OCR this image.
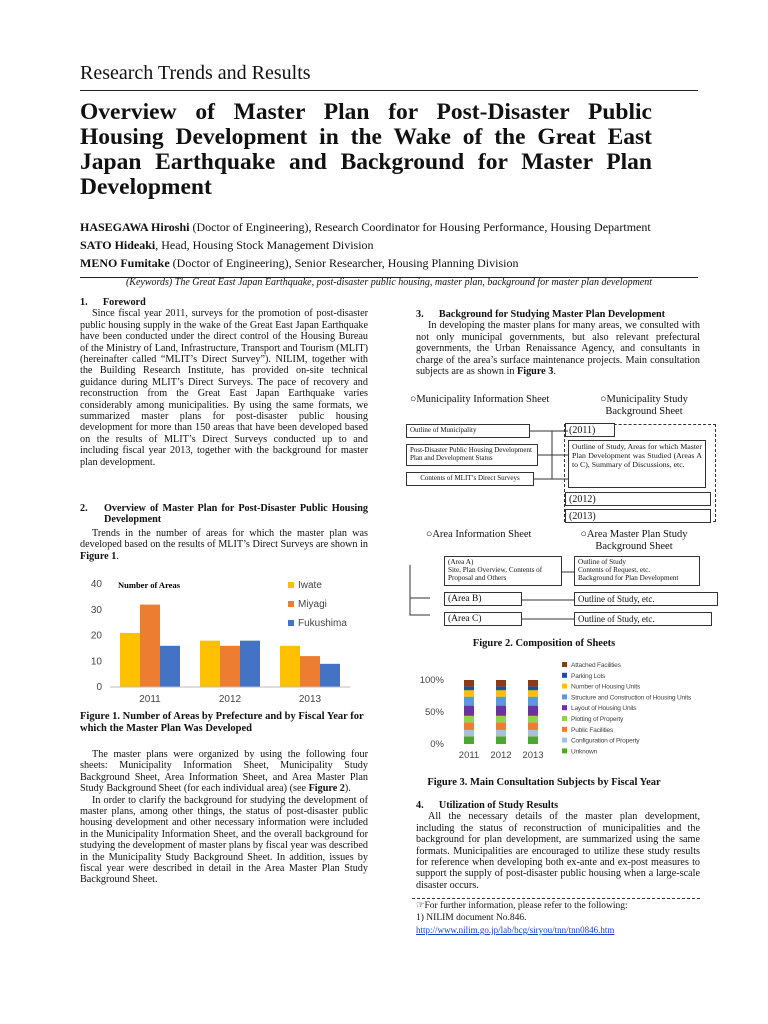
Research Trends and Results
Overview of Master Plan for Post-Disaster Public Housing Development in the Wake of the Great East Japan Earthquake and Background for Master Plan Development
HASEGAWA Hiroshi (Doctor of Engineering), Research Coordinator for Housing Performance, Housing Department
SATO Hideaki, Head, Housing Stock Management Division
MENO Fumitake (Doctor of Engineering), Senior Researcher, Housing Planning Division
(Keywords) The Great East Japan Earthquake, post-disaster public housing, master plan, background for master plan development
1.      Foreword

Since fiscal year 2011, surveys for the promotion of post-disaster public housing supply in the wake of the Great East Japan Earthquake have been conducted under the direct control of the Housing Bureau of the Ministry of Land, Infrastructure, Transport and Tourism (MLIT) (hereinafter called “MLIT’s Direct Survey”). NILIM, together with the Building Research Institute, has provided on-site technical guidance during MLIT’s Direct Surveys. The pace of recovery and reconstruction from the Great East Japan Earthquake varies considerably among municipalities. By using the same formats, we summarized master plans for post-disaster public housing development for more than 150 areas that have been developed based on the results of MLIT’s Direct Surveys conducted up to and including fiscal year 2013, together with the background for master plan development.

2.	Overview of Master Plan for Post-Disaster Public Housing Development

Trends in the number of areas for which the master plan was developed based on the results of MLIT’s Direct Surveys are shown in Figure 1.

0
10
20
30
40
2011	2012	2013
Iwate
Miyagi
Fukushima
Number of Areas
Figure 1. Number of Areas by Prefecture and by Fiscal Year for which the Master Plan Was Developed

The master plans were organized by using the following four sheets: Municipality Information Sheet, Municipality Study Background Sheet, Area Information Sheet, and Area Master Plan Study Background Sheet (for each individual area) (see Figure 2).

In order to clarify the background for studying the development of master plans, among other things, the status of post-disaster public housing development and other necessary information were included in the Municipality Information Sheet, and the overall background for studying the development of master plans by fiscal year was described in the Municipality Study Background Sheet. In addition, issues by fiscal year were described in detail in the Area Master Plan Study Background Sheet.

3.      Background for Studying Master Plan Development

In developing the master plans for many areas, we consulted with not only municipal governments, but also relevant prefectural governments, the Urban Renaissance Agency, and consultants in charge of the area’s surface maintenance projects. Main consultation subjects are as shown in Figure 3.

○Municipality Information Sheet	○Municipality Study Background Sheet
Outline of Municipality
Post-Disaster Public Housing Development Plan and Development Status
Contents of MLIT’s Direct Surveys
(2011)
Outline of Study, Areas for which Master Plan Development was Studied (Areas A to C), Summary of Discussions, etc.
(2012)
(2013)
○Area Information Sheet	○Area Master Plan Study Background Sheet
(Area A)
Site, Plan Overview, Contents of Proposal and Others
Outline of Study
Contents of Request, etc.
Background for Plan Development
(Area B)	Outline of Study, etc.
(Area C)	Outline of Study, etc.
Figure 2. Composition of Sheets
0%
50%
100%
2011 2012 2013
Attached Facilities
Parking Lots
Number of Housing Units
Structure and Construction of Housing Units
Layout of Housing Units
Plotting of Property
Public Facilities
Configuration of Property
Unknown
Figure 3. Main Consultation Subjects by Fiscal Year
4.      Utilization of Study Results

All the necessary details of the master plan development, including the status of reconstruction of municipalities and the background for plan development, are summarized using the same formats. Municipalities are encouraged to utilize these study results for reference when developing both ex-ante and ex-post measures to support the supply of post-disaster public housing when a large-scale disaster occurs.

☞For further information, please refer to the following:
1) NILIM document No.846.
http://www.nilim.go.jp/lab/bcg/siryou/tnn/tnn0846.htm
